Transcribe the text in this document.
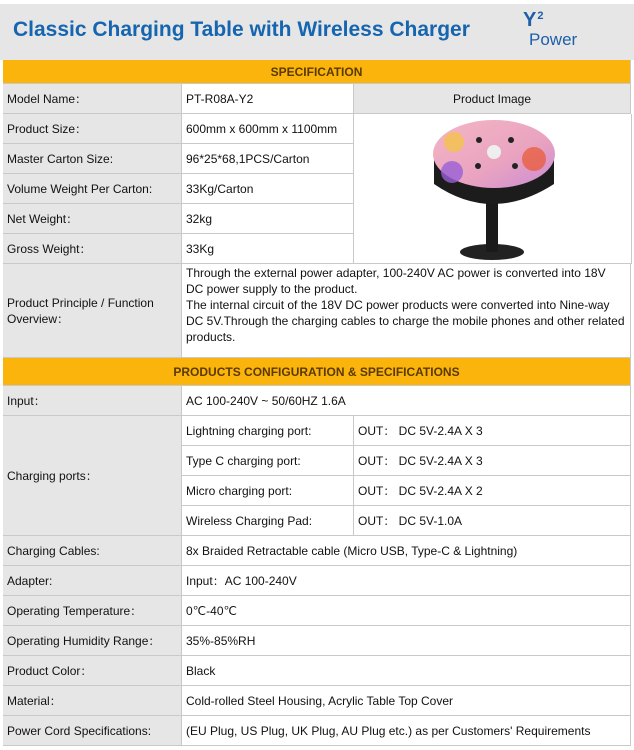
Classic Charging Table with Wireless Charger	Y 2
Power
SPECIFICATION
Model Name：	PT-R08A-Y2
Product Size：	600mm x 600mm x 1100mm
Master Carton Size:	96*25*68,1PCS/Carton
Volume Weight Per Carton:	33Kg/Carton
Net Weight：	32kg
Gross Weight：	33Kg
Product Image
Product Principle / Function Overview：
Through the external power adapter, 100-240V AC power is converted into 18V DC power supply to the product.
The internal circuit of the 18V DC power products were converted into Nine-way DC 5V.Through the charging cables to charge the mobile phones and other related products.
PRODUCTS CONFIGURATION & SPECIFICATIONS
Input：	AC 100-240V ~ 50/60HZ 1.6A
Charging ports：
Lightning charging port:	OUT： DC 5V-2.4A X 3
Type C charging port:	OUT： DC 5V-2.4A X 3
Micro charging port:	OUT： DC 5V-2.4A X 2
Wireless Charging Pad:	OUT： DC 5V-1.0A
Charging Cables:	8x Braided Retractable cable (Micro USB, Type-C & Lightning)
Adapter:	Input：AC 100-240V
Operating Temperature：	0℃-40℃
Operating Humidity Range：	35%-85%RH
Product Color：	Black
Material：	Cold-rolled Steel Housing, Acrylic Table Top Cover
Power Cord Specifications:	(EU Plug, US Plug, UK Plug, AU Plug etc.) as per Customers' Requirements
